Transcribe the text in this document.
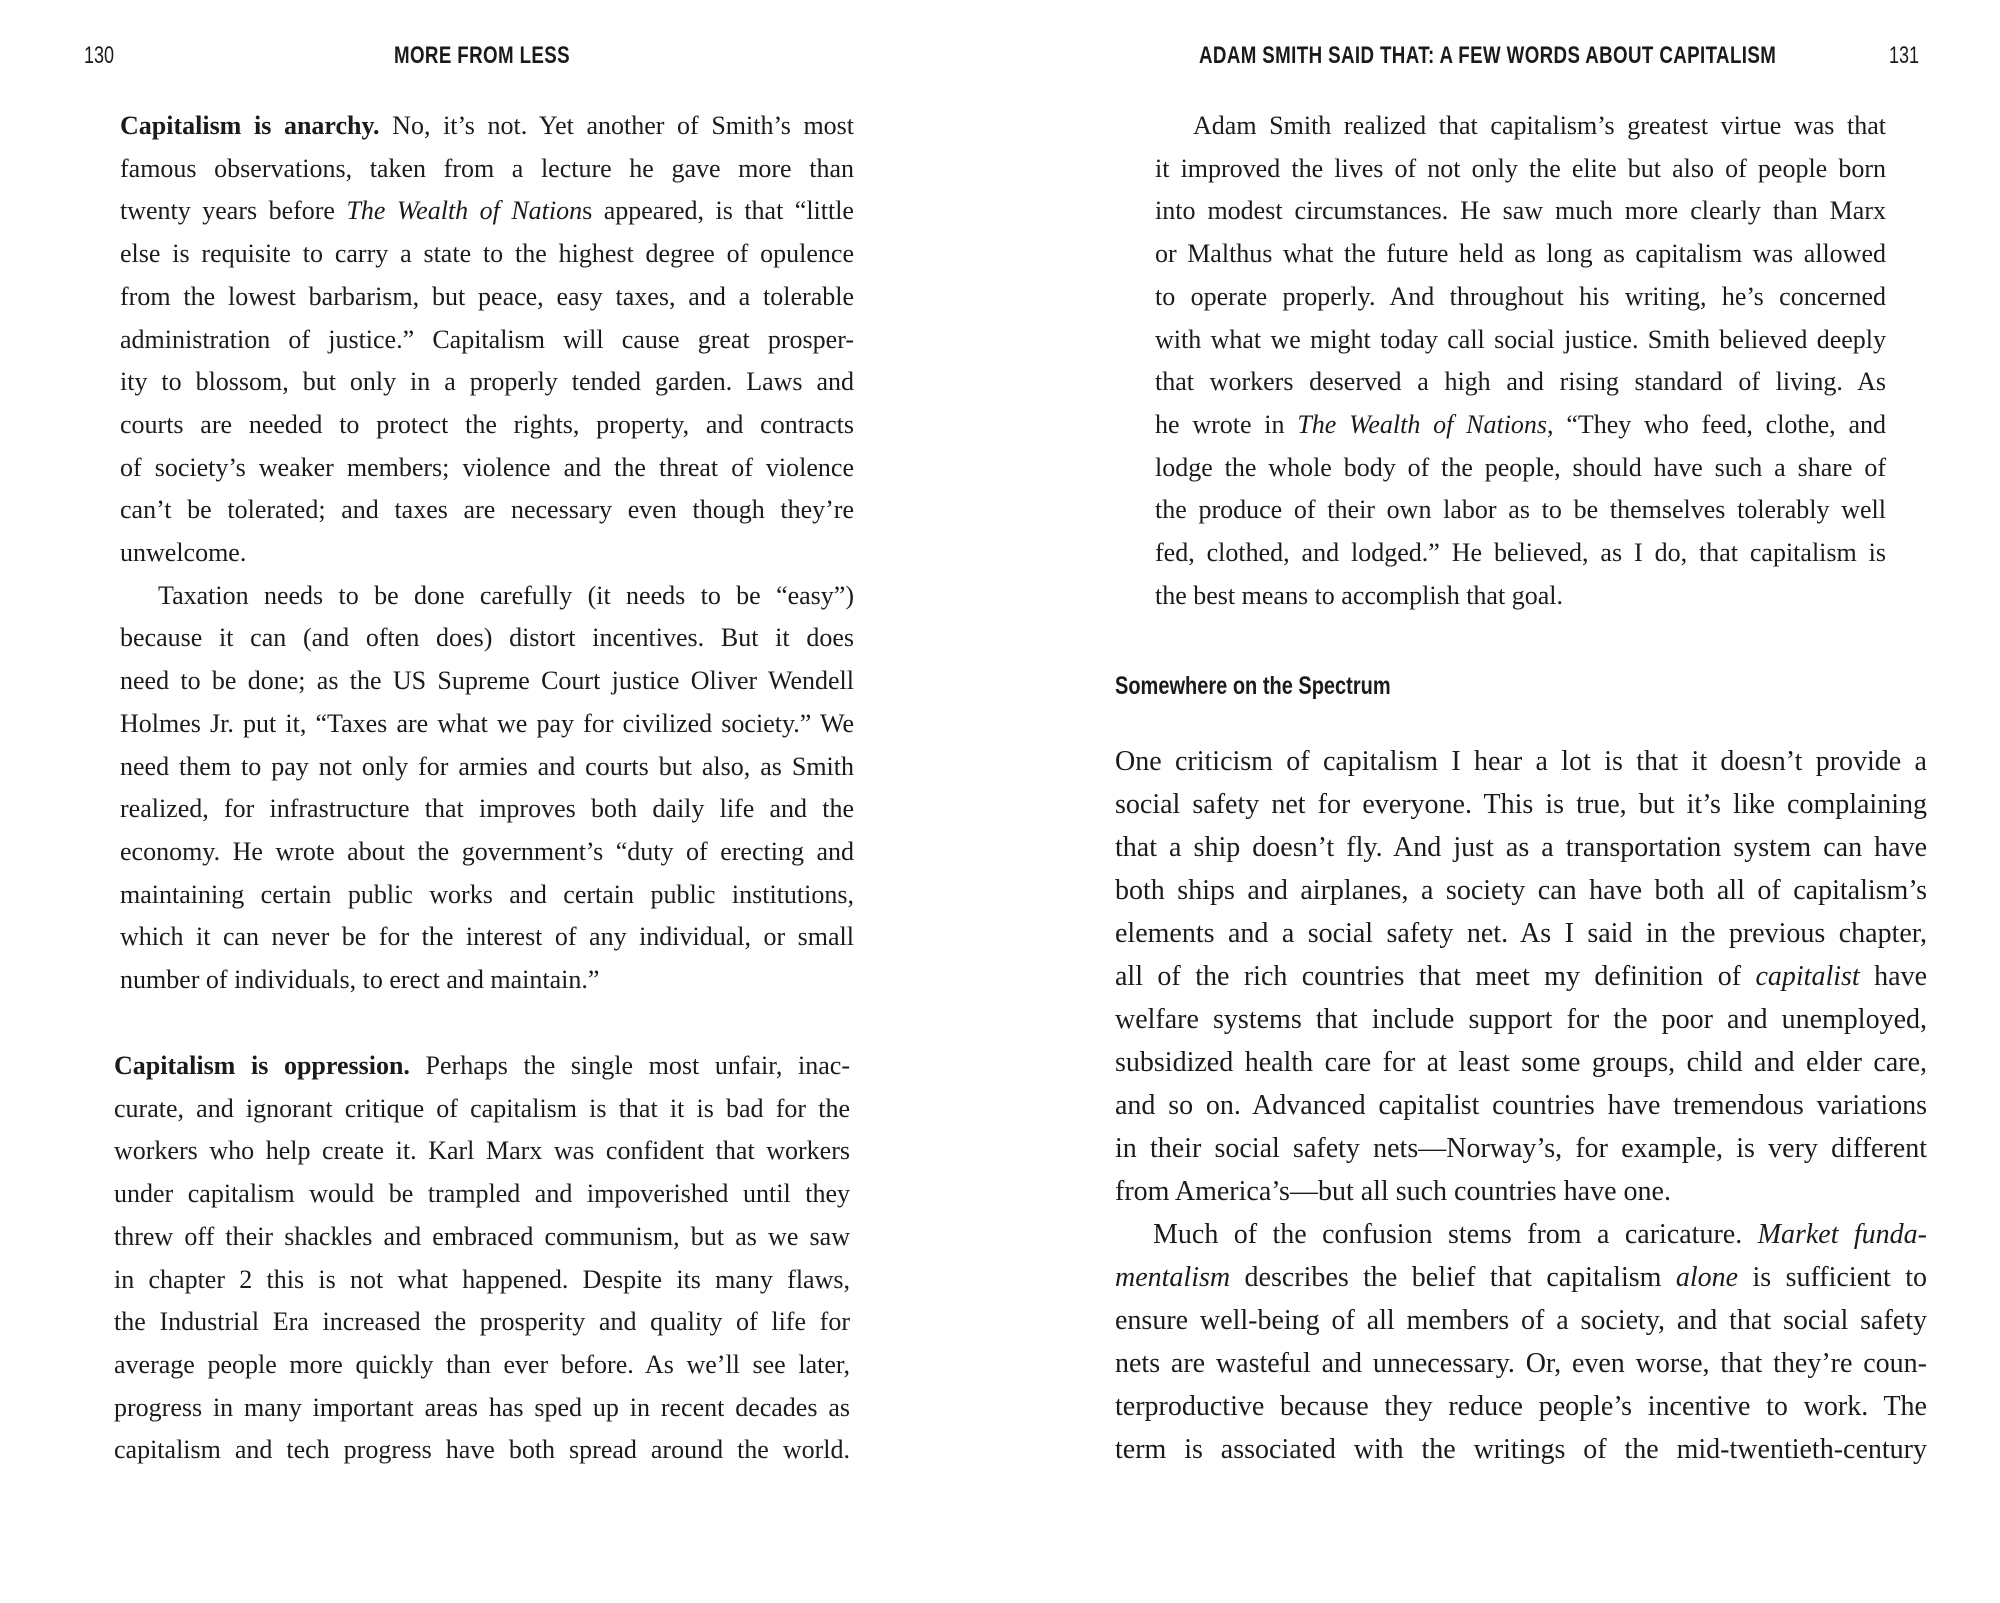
130	MORE FROM LESS
Capitalism is anarchy. No, it’s not. Yet another of Smith’s most
famous observations, taken from a lecture he gave more than
twenty years before The Wealth of Nations appeared, is that “little
else is requisite to carry a state to the highest degree of opulence
from the lowest barbarism, but peace, easy taxes, and a tolerable
administration of justice.” Capitalism will cause great prosper-
ity to blossom, but only in a properly tended garden. Laws and
courts are needed to protect the rights, property, and contracts
of society’s weaker members; violence and the threat of violence
can’t be tolerated; and taxes are necessary even though they’re
unwelcome.
Taxation needs to be done carefully (it needs to be “easy”)
because it can (and often does) distort incentives. But it does
need to be done; as the US Supreme Court justice Oliver Wendell
Holmes Jr. put it, “Taxes are what we pay for civilized society.” We
need them to pay not only for armies and courts but also, as Smith
realized, for infrastructure that improves both daily life and the
economy. He wrote about the government’s “duty of erecting and
maintaining certain public works and certain public institutions,
which it can never be for the interest of any individual, or small
number of individuals, to erect and maintain.”
Capitalism is oppression. Perhaps the single most unfair, inac-
curate, and ignorant critique of capitalism is that it is bad for the
workers who help create it. Karl Marx was confident that workers
under capitalism would be trampled and impoverished until they
threw off their shackles and embraced communism, but as we saw
in chapter 2 this is not what happened. Despite its many flaws,
the Industrial Era increased the prosperity and quality of life for
average people more quickly than ever before. As we’ll see later,
progress in many important areas has sped up in recent decades as
capitalism and tech progress have both spread around the world.
ADAM SMITH SAID THAT: A FEW WORDS ABOUT CAPITALISM	131
Adam Smith realized that capitalism’s greatest virtue was that
it improved the lives of not only the elite but also of people born
into modest circumstances. He saw much more clearly than Marx
or Malthus what the future held as long as capitalism was allowed
to operate properly. And throughout his writing, he’s concerned
with what we might today call social justice. Smith believed deeply
that workers deserved a high and rising standard of living. As
he wrote in The Wealth of Nations, “They who feed, clothe, and
lodge the whole body of the people, should have such a share of
the produce of their own labor as to be themselves tolerably well
fed, clothed, and lodged.” He believed, as I do, that capitalism is
the best means to accomplish that goal.
Somewhere on the Spectrum
One criticism of capitalism I hear a lot is that it doesn’t provide a
social safety net for everyone. This is true, but it’s like complaining
that a ship doesn’t fly. And just as a transportation system can have
both ships and airplanes, a society can have both all of capitalism’s
elements and a social safety net. As I said in the previous chapter,
all of the rich countries that meet my definition of capitalist have
welfare systems that include support for the poor and unemployed,
subsidized health care for at least some groups, child and elder care,
and so on. Advanced capitalist countries have tremendous variations
in their social safety nets—Norway’s, for example, is very different
from America’s—but all such countries have one.
Much of the confusion stems from a caricature. Market funda-
mentalism describes the belief that capitalism alone is sufficient to
ensure well-being of all members of a society, and that social safety
nets are wasteful and unnecessary. Or, even worse, that they’re coun-
terproductive because they reduce people’s incentive to work. The
term is associated with the writings of the mid-twentieth-century
